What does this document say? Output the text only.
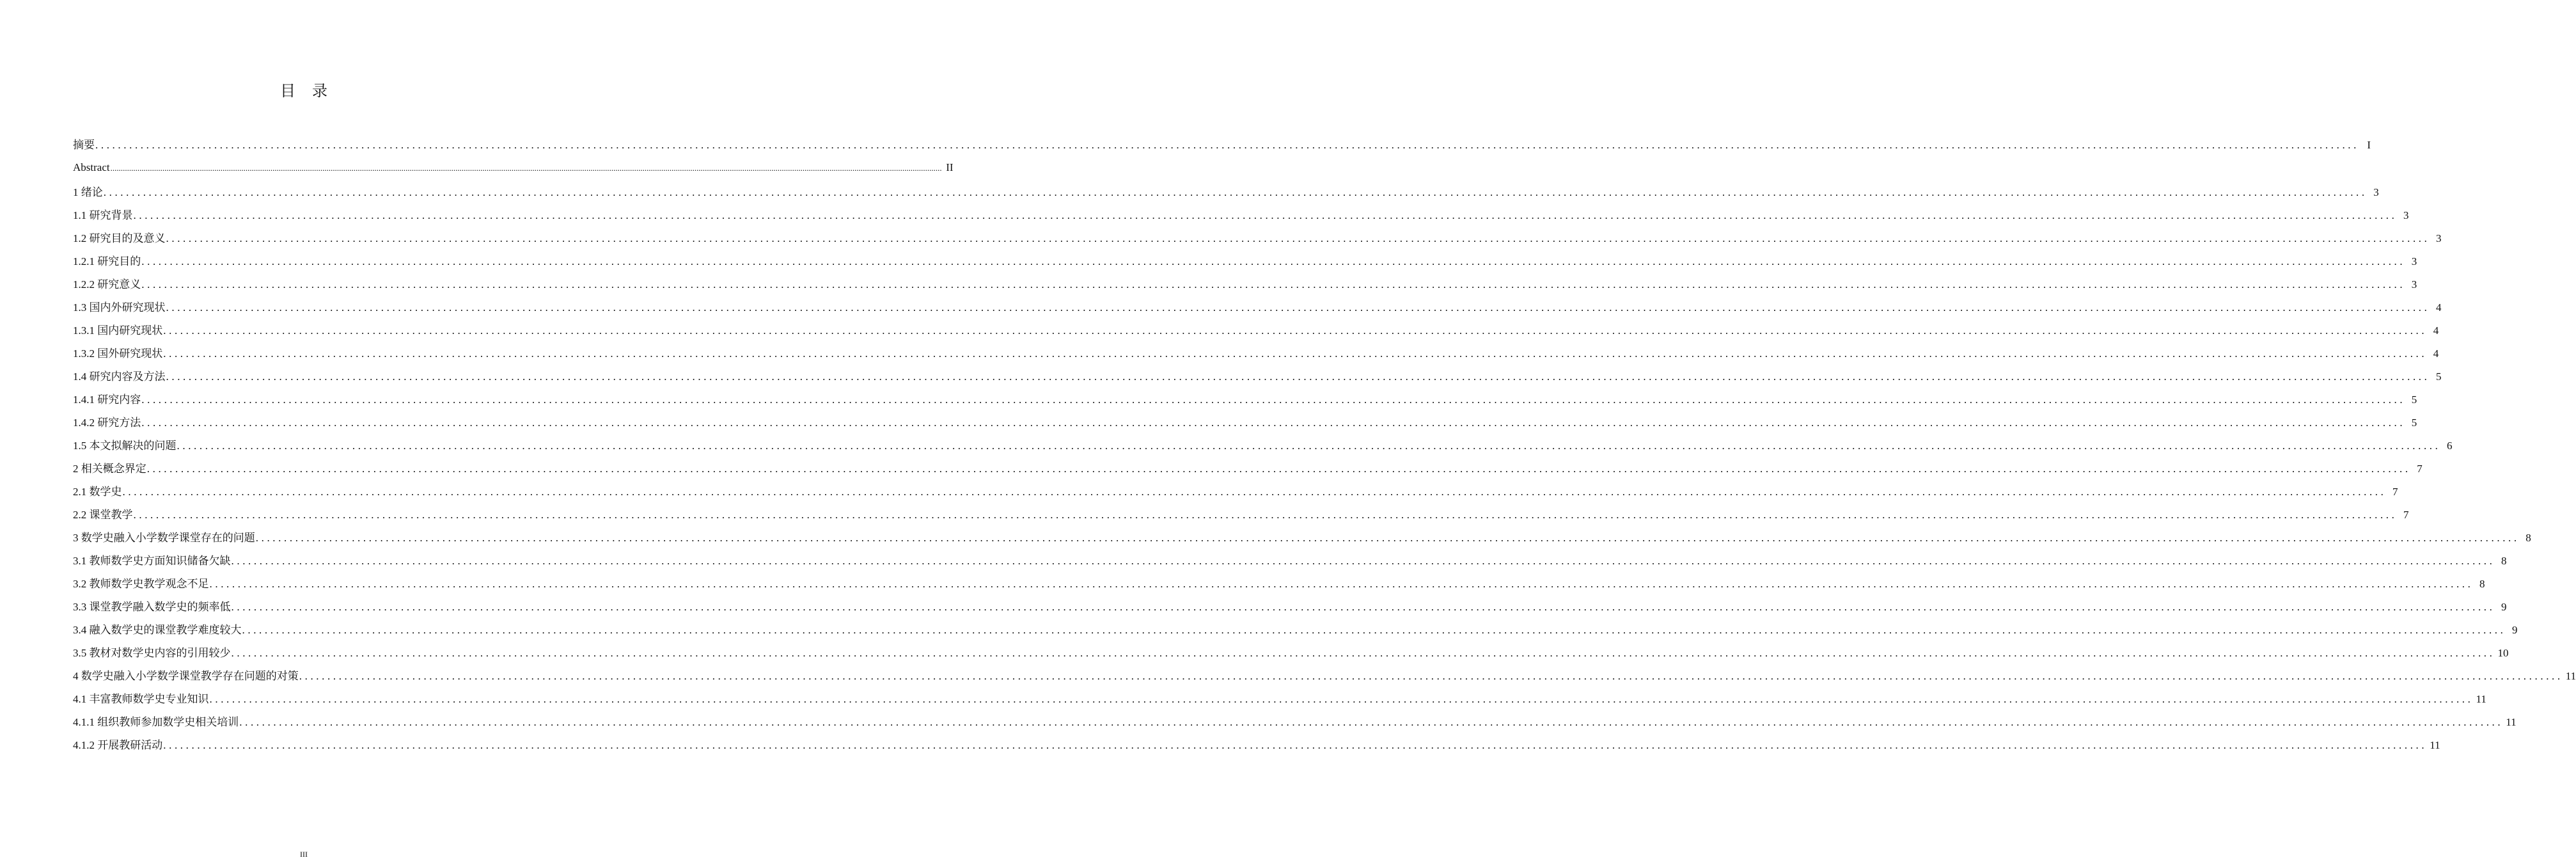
目录
摘要 ................................................................................................................................................................................................................................................................................................................................................................................................................ I
Abstract ................................................................................................................................................................................................................................................................................................................................................................................................................ II
1 绪论 ................................................................................................................................................................................................................................................................................................................................................................................................................ 3
1.1 研究背景 ................................................................................................................................................................................................................................................................................................................................................................................................................ 3
1.2 研究目的及意义 ................................................................................................................................................................................................................................................................................................................................................................................................................ 3
1.2.1 研究目的 ................................................................................................................................................................................................................................................................................................................................................................................................................ 3
1.2.2 研究意义 ................................................................................................................................................................................................................................................................................................................................................................................................................ 3
1.3 国内外研究现状 ................................................................................................................................................................................................................................................................................................................................................................................................................ 4
1.3.1 国内研究现状 ................................................................................................................................................................................................................................................................................................................................................................................................................ 4
1.3.2 国外研究现状 ................................................................................................................................................................................................................................................................................................................................................................................................................ 4
1.4 研究内容及方法 ................................................................................................................................................................................................................................................................................................................................................................................................................ 5
1.4.1 研究内容 ................................................................................................................................................................................................................................................................................................................................................................................................................ 5
1.4.2 研究方法 ................................................................................................................................................................................................................................................................................................................................................................................................................ 5
1.5 本文拟解决的问题 ................................................................................................................................................................................................................................................................................................................................................................................................................ 6
2 相关概念界定 ................................................................................................................................................................................................................................................................................................................................................................................................................ 7
2.1 数学史 ................................................................................................................................................................................................................................................................................................................................................................................................................ 7
2.2 课堂教学 ................................................................................................................................................................................................................................................................................................................................................................................................................ 7
3 数学史融入小学数学课堂存在的问题 ................................................................................................................................................................................................................................................................................................................................................................................................................ 8
3.1 教师数学史方面知识储备欠缺 ................................................................................................................................................................................................................................................................................................................................................................................................................ 8
3.2 教师数学史教学观念不足 ................................................................................................................................................................................................................................................................................................................................................................................................................ 8
3.3 课堂教学融入数学史的频率低 ................................................................................................................................................................................................................................................................................................................................................................................................................ 9
3.4 融入数学史的课堂教学难度较大 ................................................................................................................................................................................................................................................................................................................................................................................................................ 9
3.5 教材对数学史内容的引用较少 ................................................................................................................................................................................................................................................................................................................................................................................................................ 10
4 数学史融入小学数学课堂教学存在问题的对策 ................................................................................................................................................................................................................................................................................................................................................................................................................ 11
4.1 丰富教师数学史专业知识 ................................................................................................................................................................................................................................................................................................................................................................................................................ 11
4.1.1 组织教师参加数学史相关培训 ................................................................................................................................................................................................................................................................................................................................................................................................................ 11
4.1.2 开展教研活动 ................................................................................................................................................................................................................................................................................................................................................................................................................ 11
III
